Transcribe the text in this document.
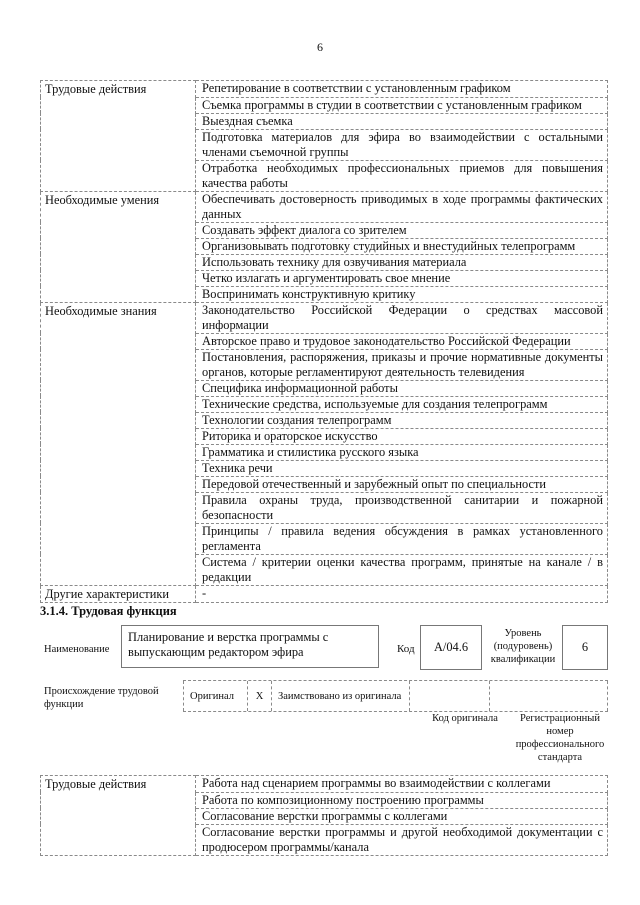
6
Трудовые действия	Репетирование в соответствии с установленным графиком
	Съемка программы в студии в соответствии с установленным графиком
	Выездная съемка
	Подготовка материалов для эфира во взаимодействии с остальными членами съемочной группы
	Отработка необходимых профессиональных приемов для повышения качества работы
Необходимые умения	Обеспечивать достоверность приводимых в ходе программы фактических данных
	Создавать эффект диалога со зрителем
	Организовывать подготовку студийных и внестудийных телепрограмм
	Использовать технику для озвучивания материала
	Четко излагать и аргументировать свое мнение
	Воспринимать конструктивную критику
Необходимые знания	Законодательство Российской Федерации о средствах массовой информации
	Авторское право и трудовое законодательство Российской Федерации
	Постановления, распоряжения, приказы и прочие нормативные документы органов, которые регламентируют деятельность телевидения
	Специфика информационной работы
	Технические средства, используемые для создания телепрограмм
	Технологии создания телепрограмм
	Риторика и ораторское искусство
	Грамматика и стилистика русского языка
	Техника речи
	Передовой отечественный и зарубежный опыт по специальности
	Правила охраны труда, производственной санитарии и пожарной безопасности
	Принципы / правила ведения обсуждения в рамках установленного регламента
	Система / критерии оценки качества программ, принятые на канале / в редакции
Другие характеристики	-
3.1.4. Трудовая функция
Наименование
Планирование и верстка программы с выпускающим редактором эфира	Код	А/04.6
Уровень (подуровень) квалификации
6
Происхождение трудовой функции
Оригинал	X	Заимствовано из оригинала
Код оригинала	Регистрационный номер профессионального стандарта
Трудовые действия	Работа над сценарием программы во взаимодействии с коллегами
	Работа по композиционному построению программы
	Согласование верстки программы с коллегами
	Согласование верстки программы и другой необходимой документации с продюсером программы/канала
